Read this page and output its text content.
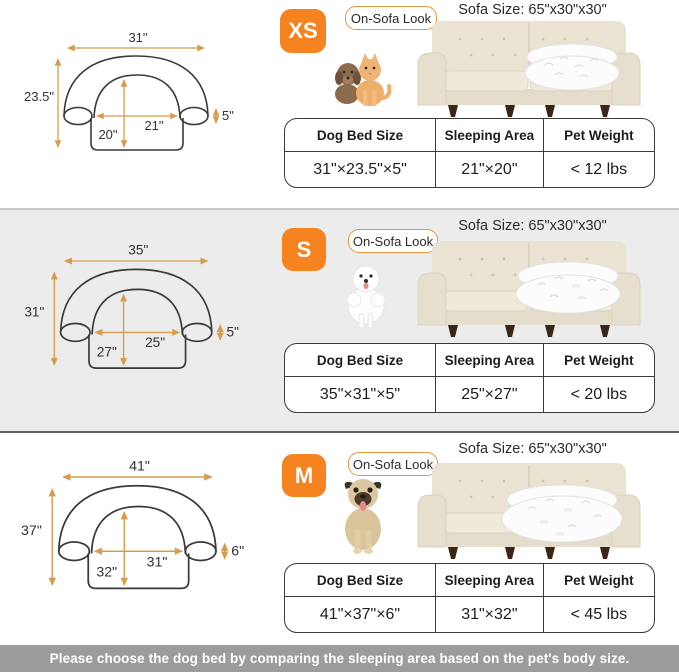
31"
23.5"
21"
20"
5"
XS	On-Sofa Look	Sofa Size: 65"x30"x30"
Dog Bed Size	Sleeping Area	Pet Weight
31"×23.5"×5"	21"×20"	< 12 lbs
35"
31"
25"
27"
5"
S	On-Sofa Look
Sofa Size: 65"x30"x30"
Dog Bed Size	Sleeping Area	Pet Weight
35"×31"×5"	25"×27"	< 20 lbs
41"
37"
31"
32"
6"
M	On-Sofa Look
Sofa Size: 65"x30"x30"
Dog Bed Size	Sleeping Area	Pet Weight
41"×37"×6"	31"×32"	< 45 lbs
Please choose the dog bed by comparing the sleeping area based on the pet's body size.
